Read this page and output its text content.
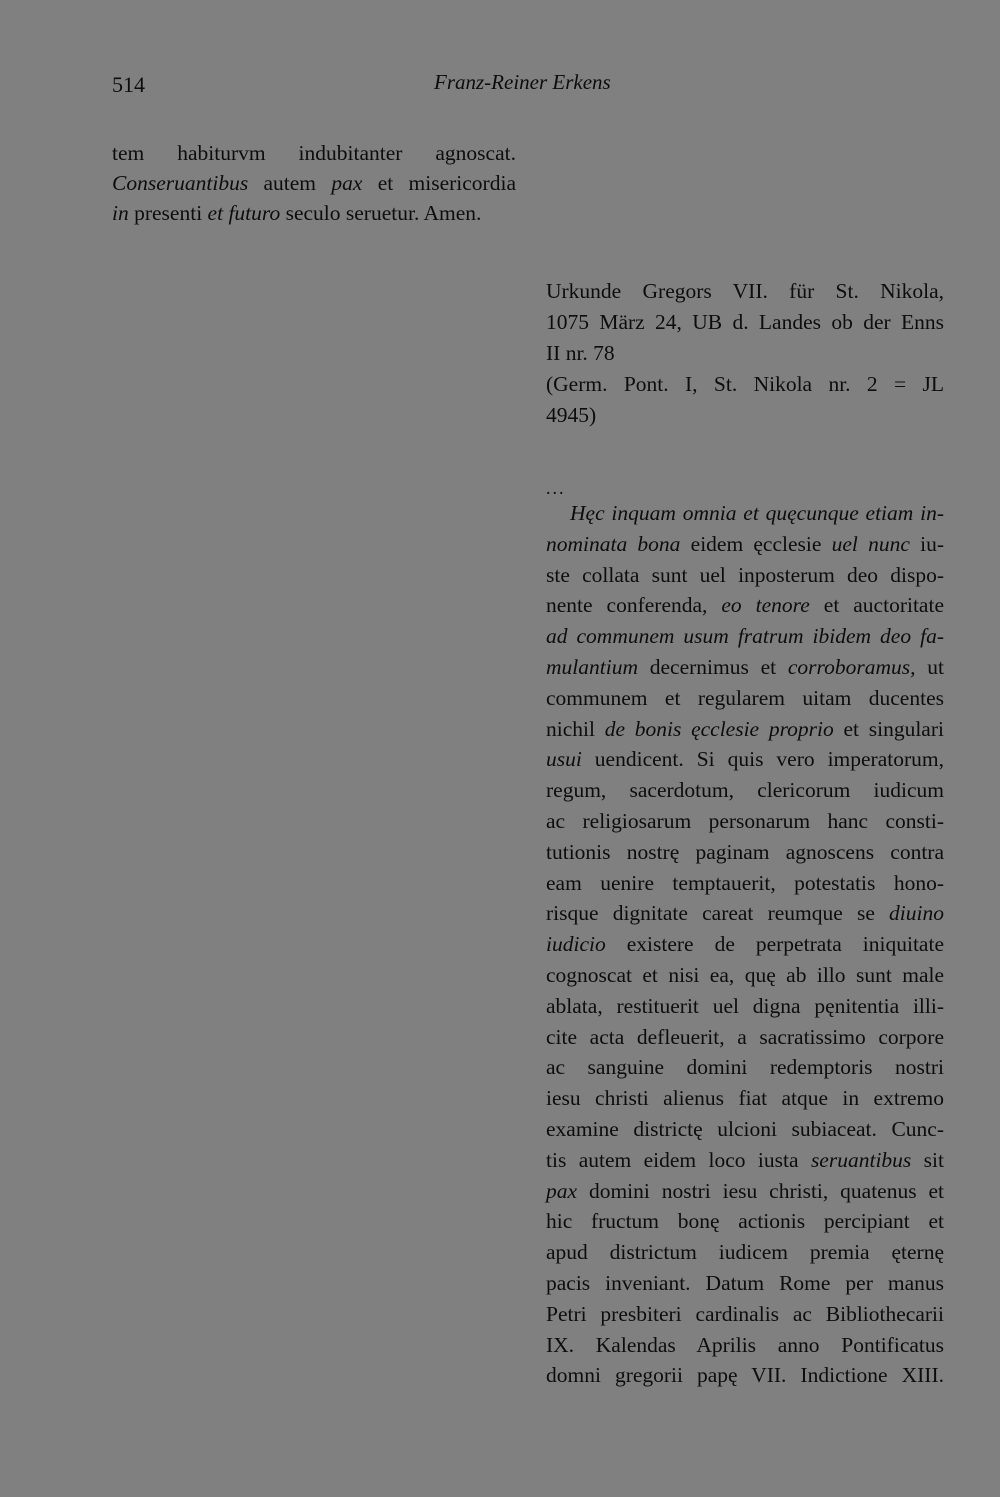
514	Franz-Reiner Erkens
tem habiturvm indubitanter agnoscat.
Conseruantibus autem pax et misericordia
in presenti et futuro seculo seruetur. Amen.
Urkunde Gregors VII. für St. Nikola,
1075 März 24, UB d. Landes ob der Enns
II nr. 78
(Germ. Pont. I, St. Nikola nr. 2 = JL
4945)
...
Hęc inquam omnia et quęcunque etiam in-
nominata bona eidem ęcclesie uel nunc iu-
ste collata sunt uel inposterum deo dispo-
nente conferenda, eo tenore et auctoritate
ad communem usum fratrum ibidem deo fa-
mulantium decernimus et corroboramus, ut
communem et regularem uitam ducentes
nichil de bonis ęcclesie proprio et singulari
usui uendicent. Si quis vero imperatorum,
regum, sacerdotum, clericorum iudicum
ac religiosarum personarum hanc consti-
tutionis nostrę paginam agnoscens contra
eam uenire temptauerit, potestatis hono-
risque dignitate careat reumque se diuino
iudicio existere de perpetrata iniquitate
cognoscat et nisi ea, quę ab illo sunt male
ablata, restituerit uel digna pęnitentia illi-
cite acta defleuerit, a sacratissimo corpore
ac sanguine domini redemptoris nostri
iesu christi alienus fiat atque in extremo
examine districtę ulcioni subiaceat. Cunc-
tis autem eidem loco iusta seruantibus sit
pax domini nostri iesu christi, quatenus et
hic fructum bonę actionis percipiant et
apud districtum iudicem premia ęternę
pacis inveniant. Datum Rome per manus
Petri presbiteri cardinalis ac Bibliothecarii
IX. Kalendas Aprilis anno Pontificatus
domni gregorii papę VII. Indictione XIII.
